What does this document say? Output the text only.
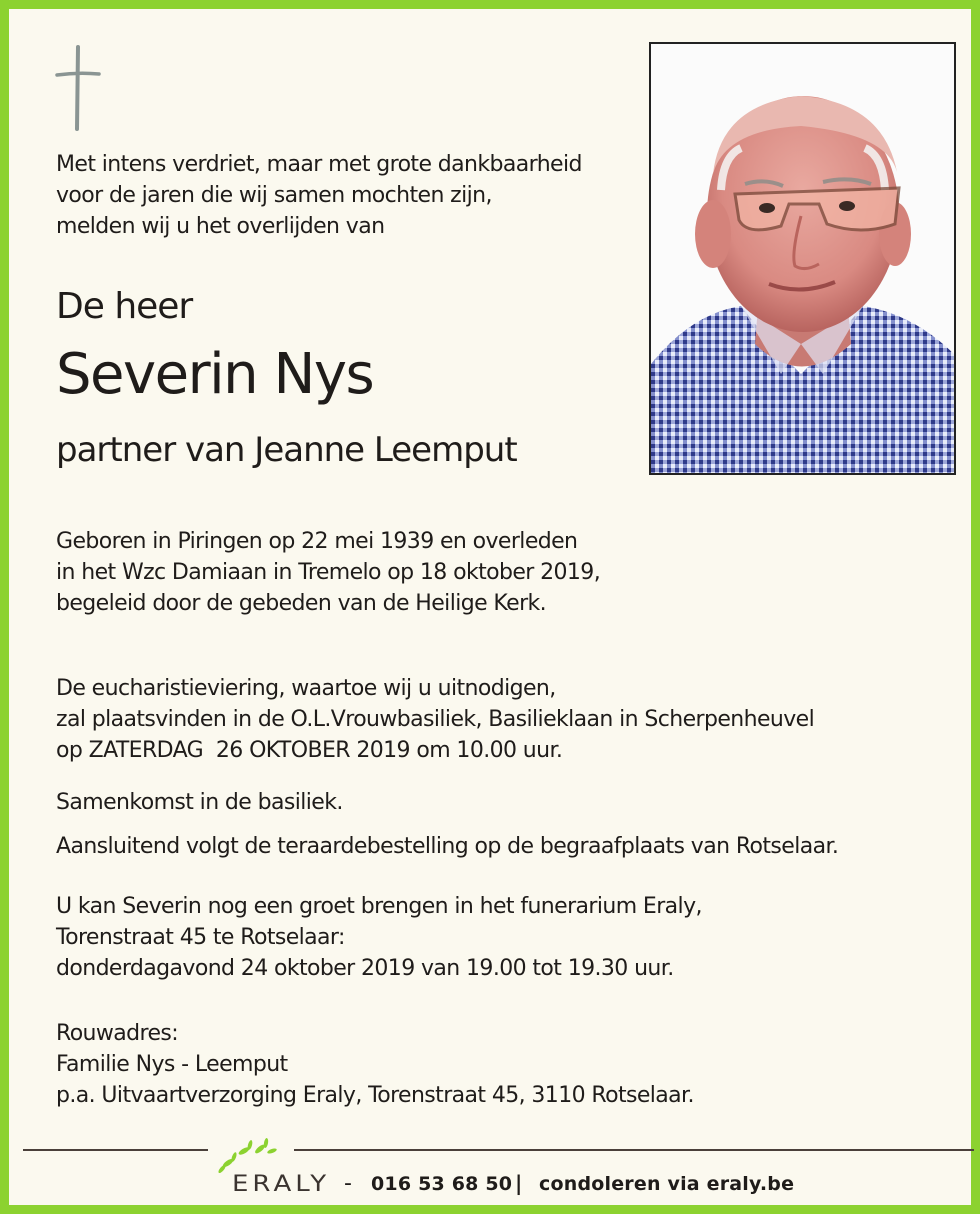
Met intens verdriet, maar met grote dankbaarheid
voor de jaren die wij samen mochten zijn,
melden wij u het overlijden van

De heer

Severin Nys

partner van Jeanne Leemput

Geboren in Piringen op 22 mei 1939 en overleden
in het Wzc Damiaan in Tremelo op 18 oktober 2019,
begeleid door de gebeden van de Heilige Kerk.

De eucharistieviering, waartoe wij u uitnodigen,
zal plaatsvinden in de O.L.Vrouwbasiliek, Basilieklaan in Scherpenheuvel
op ZATERDAG  26 OKTOBER 2019 om 10.00 uur.

Samenkomst in de basiliek.

Aansluitend volgt de teraardebestelling op de begraafplaats van Rotselaar.

U kan Severin nog een groet brengen in het funerarium Eraly,
Torenstraat 45 te Rotselaar:
donderdagavond 24 oktober 2019 van 19.00 tot 19.30 uur.

Rouwadres:
Familie Nys - Leemput
p.a. Uitvaartverzorging Eraly, Torenstraat 45, 3110 Rotselaar.

ERALY - 016 53 68 50 | condoleren via eraly.be
